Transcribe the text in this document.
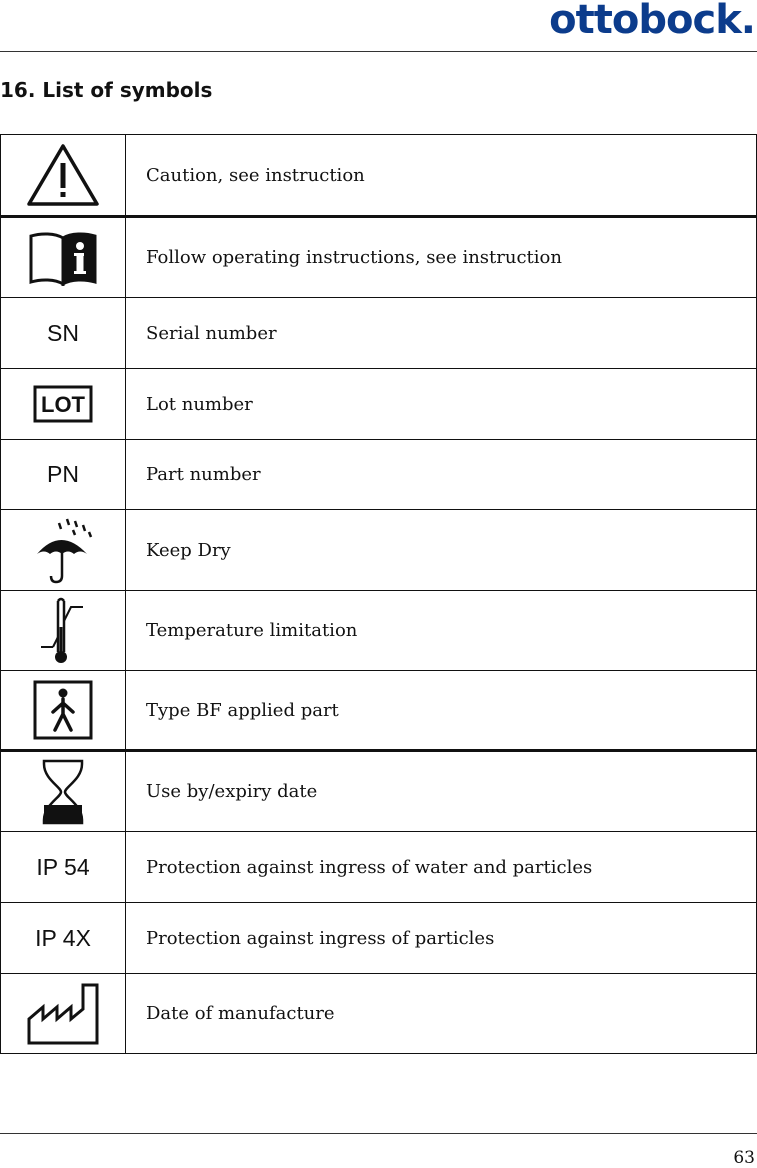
ottobock.
16. List of symbols
	Caution, see instruction

	Follow operating instructions, see instruction
SN	Serial number

LOT	Lot number
PN	Part number

	Keep Dry

	Temperature limitation

	Type BF applied part

	Use by/expiry date
IP 54	Protection against ingress of water and particles
IP 4X	Protection against ingress of particles

	Date of manufacture
63
